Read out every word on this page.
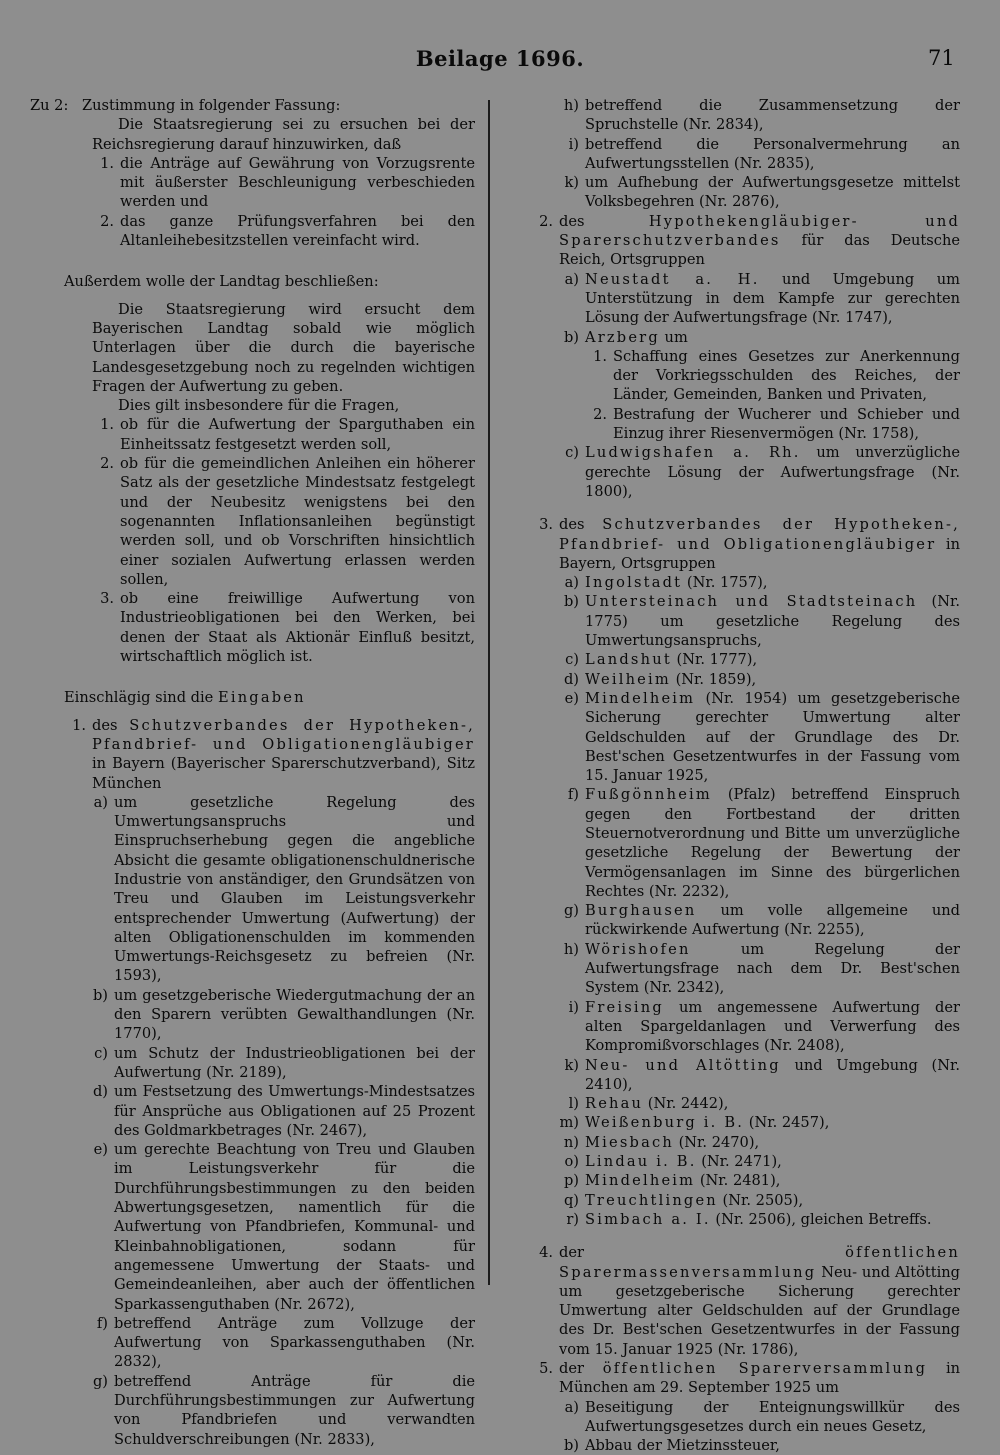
Beilage 1696.	71
Zu 2: Zustimmung in folgender Fassung:

Die Staatsregierung sei zu ersuchen bei der Reichsregierung darauf hinzuwirken, daß

1. die Anträge auf Gewährung von Vorzugsrente mit äußerster Beschleunigung verbeschieden werden und
2. das ganze Prüfungsverfahren bei den Altanleihebesitzstellen vereinfacht wird.

Außerdem wolle der Landtag beschließen:

Die Staatsregierung wird ersucht dem Bayerischen Landtag sobald wie möglich Unterlagen über die durch die bayerische Landesgesetzgebung noch zu regelnden wichtigen Fragen der Aufwertung zu geben.

Dies gilt insbesondere für die Fragen,

1. ob für die Aufwertung der Sparguthaben ein Einheitssatz festgesetzt werden soll,
2. ob für die gemeindlichen Anleihen ein höherer Satz als der gesetzliche Mindestsatz festgelegt und der Neubesitz wenigstens bei den sogenannten Inflationsanleihen begünstigt werden soll, und ob Vorschriften hinsichtlich einer sozialen Aufwertung erlassen werden sollen,
3. ob eine freiwillige Aufwertung von Industrieobligationen bei den Werken, bei denen der Staat als Aktionär Einfluß besitzt, wirtschaftlich möglich ist.

Einschlägig sind die Eingaben

1. des Schutzverbandes der Hypotheken-, Pfandbrief- und Obligationengläubiger in Bayern (Bayerischer Sparerschutzverband), Sitz München
a) um gesetzliche Regelung des Umwertungsanspruchs und Einspruchserhebung gegen die angebliche Absicht die gesamte obligationenschuldnerische Industrie von anständiger, den Grundsätzen von Treu und Glauben im Leistungsverkehr entsprechender Umwertung (Aufwertung) der alten Obligationenschulden im kommenden Umwertungs-Reichsgesetz zu befreien (Nr. 1593),
b) um gesetzgeberische Wiedergutmachung der an den Sparern verübten Gewalthandlungen (Nr. 1770),
c) um Schutz der Industrieobligationen bei der Aufwertung (Nr. 2189),
d) um Festsetzung des Umwertungs-Mindestsatzes für Ansprüche aus Obligationen auf 25 Prozent des Goldmarkbetrages (Nr. 2467),
e) um gerechte Beachtung von Treu und Glauben im Leistungsverkehr für die Durchführungsbestimmungen zu den beiden Abwertungsgesetzen, namentlich für die Aufwertung von Pfandbriefen, Kommunal- und Kleinbahnobligationen, sodann für angemessene Umwertung der Staats- und Gemeindeanleihen, aber auch der öffentlichen Sparkassenguthaben (Nr. 2672),
f) betreffend Anträge zum Vollzuge der Aufwertung von Sparkassenguthaben (Nr. 2832),
g) betreffend Anträge für die Durchführungsbestimmungen zur Aufwertung von Pfandbriefen und verwandten Schuldverschreibungen (Nr. 2833),
h) betreffend die Zusammensetzung der Spruchstelle (Nr. 2834),
i) betreffend die Personalvermehrung an Aufwertungsstellen (Nr. 2835),
k) um Aufhebung der Aufwertungsgesetze mittelst Volksbegehren (Nr. 2876),
2. des	Hypothekengläubiger- und Sparerschutzverbandes für das Deutsche Reich, Ortsgruppen
a) Neustadt a. H. und Umgebung um Unterstützung in dem Kampfe zur gerechten Lösung der Aufwertungsfrage (Nr. 1747),
b) Arzberg um
1. Schaffung eines Gesetzes zur Anerkennung der Vorkriegsschulden des Reiches, der Länder, Gemeinden, Banken und Privaten,
2. Bestrafung der Wucherer und Schieber und Einzug ihrer Riesenvermögen (Nr. 1758),
c) Ludwigshafen a. Rh. um unverzügliche gerechte Lösung der Aufwertungsfrage (Nr. 1800),
3. des Schutzverbandes der Hypotheken-, Pfandbrief- und Obligationengläubiger in Bayern, Ortsgruppen
a) Ingolstadt (Nr. 1757),
b) Untersteinach und Stadtsteinach (Nr. 1775) um gesetzliche Regelung des Umwertungsanspruchs,
c) Landshut (Nr. 1777),
d) Weilheim (Nr. 1859),
e) Mindelheim (Nr. 1954) um gesetzgeberische Sicherung gerechter Umwertung alter Geldschulden auf der Grundlage des Dr. Best'schen Gesetzentwurfes in der Fassung vom 15. Januar 1925,
f) Fußgönnheim (Pfalz) betreffend Einspruch gegen den Fortbestand der dritten Steuernotverordnung und Bitte um unverzügliche gesetzliche Regelung der Bewertung der Vermögensanlagen im Sinne des bürgerlichen Rechtes (Nr. 2232),
g) Burghausen um volle allgemeine und rückwirkende Aufwertung (Nr. 2255),
h) Wörishofen	um Regelung der Aufwertungsfrage nach dem Dr. Best'schen System (Nr. 2342),
i) Freising um angemessene Aufwertung der alten Spargeldanlagen und Verwerfung des Kompromißvorschlages (Nr. 2408),
k) Neu- und Altötting und Umgebung (Nr. 2410),
l) Rehau (Nr. 2442),
m) Weißenburg i. B. (Nr. 2457),
n) Miesbach (Nr. 2470),
o) Lindau i. B. (Nr. 2471),
p) Mindelheim (Nr. 2481),
q) Treuchtlingen (Nr. 2505),
r) Simbach a. I. (Nr. 2506), gleichen Betreffs.
4. der	öffentlichen Sparermassenversammlung Neu- und Altötting um gesetzgeberische Sicherung gerechter Umwertung alter Geldschulden auf der Grundlage des Dr. Best'schen Gesetzentwurfes in der Fassung vom 15. Januar 1925 (Nr. 1786),
5. der öffentlichen Sparerversammlung in München am 29. September 1925 um
a) Beseitigung der Enteignungswillkür des Aufwertungsgesetzes durch ein neues Gesetz,
b) Abbau der Mietzinssteuer,
